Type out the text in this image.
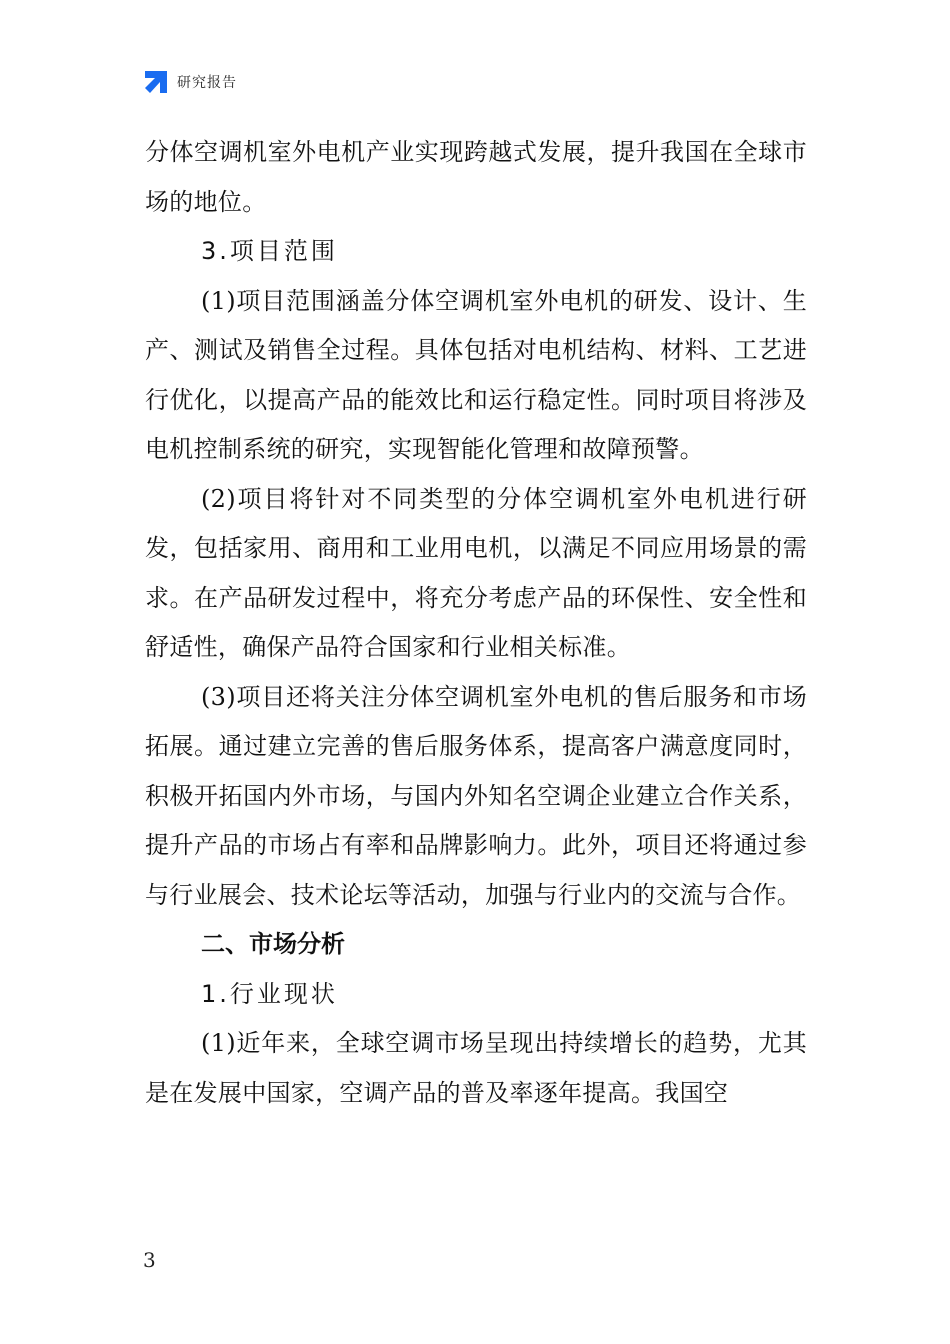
研究报告

分体空调机室外电机产业实现跨越式发展，提升我国在全球市场的地位。

3.项目范围

(1)项目范围涵盖分体空调机室外电机的研发、设计、生产、测试及销售全过程。具体包括对电机结构、材料、工艺进行优化，以提高产品的能效比和运行稳定性。同时项目将涉及电机控制系统的研究，实现智能化管理和故障预警。

(2)项目将针对不同类型的分体空调机室外电机进行研发，包括家用、商用和工业用电机，以满足不同应用场景的需求。在产品研发过程中，将充分考虑产品的环保性、安全性和舒适性，确保产品符合国家和行业相关标准。

(3)项目还将关注分体空调机室外电机的售后服务和市场拓展。通过建立完善的售后服务体系，提高客户满意度同时，积极开拓国内外市场，与国内外知名空调企业建立合作关系，提升产品的市场占有率和品牌影响力。此外，项目还将通过参与行业展会、技术论坛等活动，加强与行业内的交流与合作。

二、市场分析

1.行业现状

(1)近年来，全球空调市场呈现出持续增长的趋势，尤其是在发展中国家，空调产品的普及率逐年提高。我国空

3
